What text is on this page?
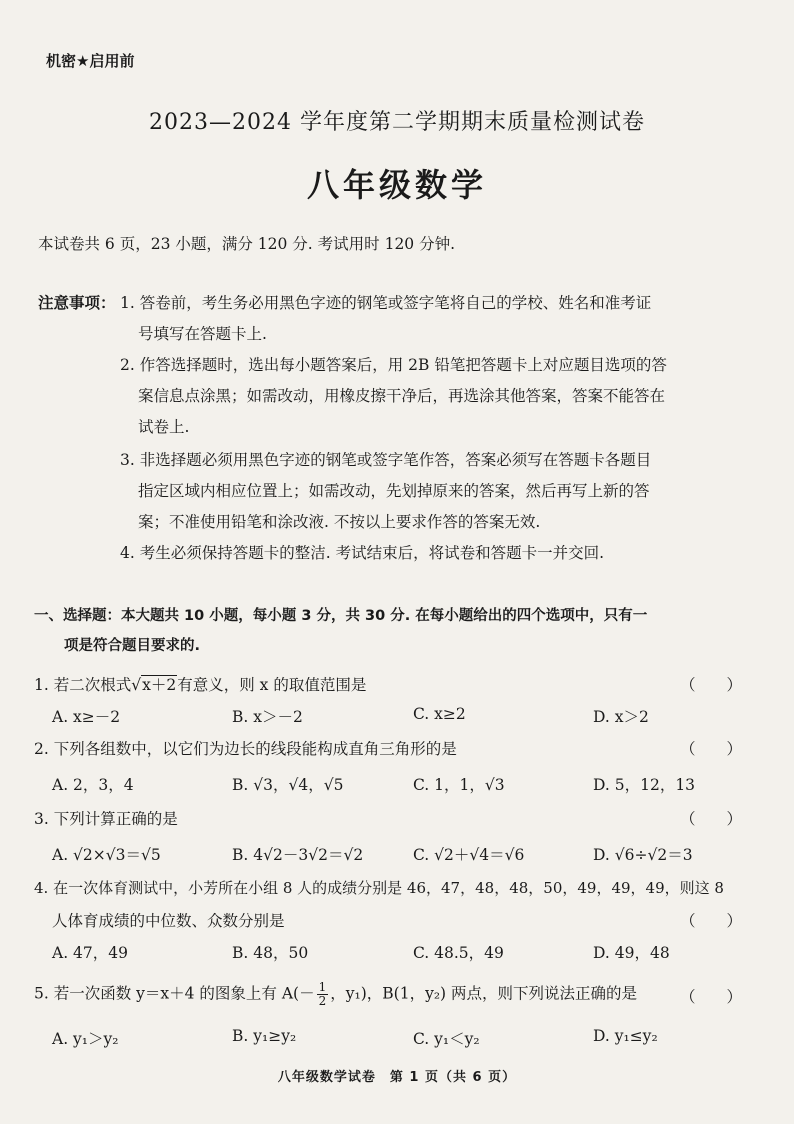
机密★启用前
2023—2024 学年度第二学期期末质量检测试卷
八年级数学
本试卷共 6 页，23 小题，满分 120 分. 考试用时 120 分钟.
注意事项： 1. 答卷前，考生务必用黑色字迹的钢笔或签字笔将自己的学校、姓名和准考证
号填写在答题卡上.
2. 作答选择题时，选出每小题答案后，用 2B 铅笔把答题卡上对应题目选项的答
案信息点涂黑；如需改动，用橡皮擦干净后，再选涂其他答案，答案不能答在
试卷上.
3. 非选择题必须用黑色字迹的钢笔或签字笔作答，答案必须写在答题卡各题目
指定区域内相应位置上；如需改动，先划掉原来的答案，然后再写上新的答
案；不准使用铅笔和涂改液. 不按以上要求作答的答案无效.
4. 考生必须保持答题卡的整洁. 考试结束后，将试卷和答题卡一并交回.
一、选择题：本大题共 10 小题，每小题 3 分，共 30 分. 在每小题给出的四个选项中，只有一
项是符合题目要求的.
1. 若二次根式√x＋2有意义，则 x 的取值范围是	（　　）
A. x≥－2	B. x＞－2	C. x≥2	D. x＞2
2. 下列各组数中，以它们为边长的线段能构成直角三角形的是	（　　）
A. 2，3，4	B. √3，√4，√5	C. 1，1，√3	D. 5，12，13
3. 下列计算正确的是	（　　）
A. √2×√3＝√5	B. 4√2－3√2＝√2	C. √2＋√4＝√6	D. √6÷√2＝3
4. 在一次体育测试中，小芳所在小组 8 人的成绩分别是 46，47，48，48，50，49，49，49，则这 8
人体育成绩的中位数、众数分别是	（　　）
A. 47，49	B. 48，50	C. 48.5，49	D. 49，48
5. 若一次函数 y＝x＋4 的图象上有 $A(- \frac{1}{2}$ ，y₁)，B(1，y₂) 两点，则下列说法正确的是	（　　）
A. y₁＞y₂	B. y₁≥y₂	C. y₁＜y₂	D. y₁≤y₂
八年级数学试卷　第 1 页（共 6 页）
